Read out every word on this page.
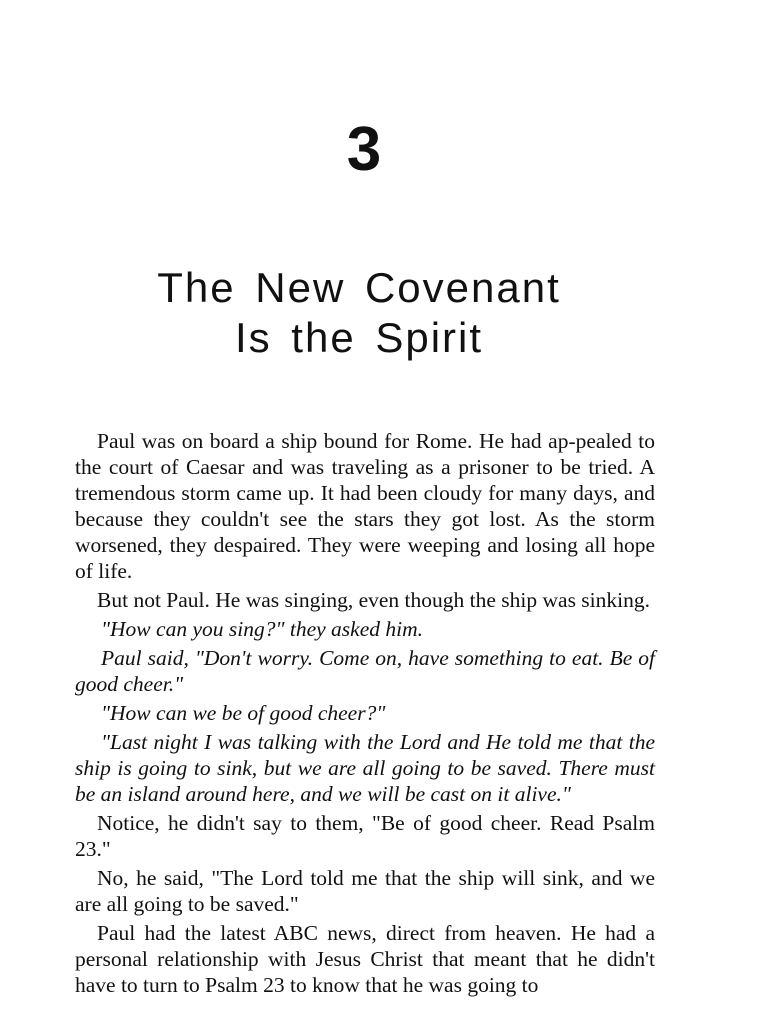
3
The New Covenant
Is the Spirit

Paul was on board a ship bound for Rome. He had ap-pealed to the court of Caesar and was traveling as a prisoner to be tried. A tremendous storm came up. It had been cloudy for many days, and because they couldn't see the stars they got lost. As the storm worsened, they despaired. They were weeping and losing all hope of life.

But not Paul. He was singing, even though the ship was sinking.

"How can you sing?" they asked him.

Paul said, "Don't worry. Come on, have something to eat. Be of good cheer."

"How can we be of good cheer?"

"Last night I was talking with the Lord and He told me that the ship is going to sink, but we are all going to be saved. There must be an island around here, and we will be cast on it alive."

Notice, he didn't say to them, "Be of good cheer. Read Psalm 23."

No, he said, "The Lord told me that the ship will sink, and we are all going to be saved."

Paul had the latest ABC news, direct from heaven. He had a personal relationship with Jesus Christ that meant that he didn't have to turn to Psalm 23 to know that he was going to
